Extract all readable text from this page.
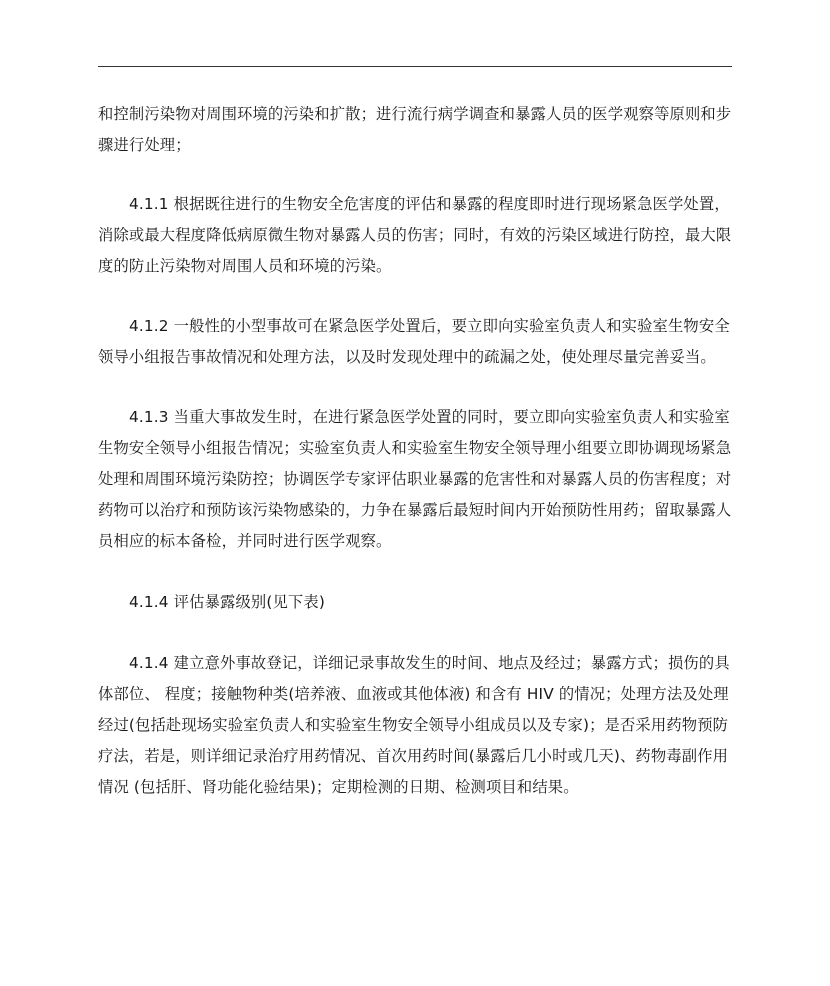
和控制污染物对周围环境的污染和扩散；进行流行病学调查和暴露人员的医学观察等原则和步骤进行处理；

4.1.1 根据既往进行的生物安全危害度的评估和暴露的程度即时进行现场紧急医学处置，消除或最大程度降低病原微生物对暴露人员的伤害；同时，有效的污染区域进行防控，最大限度的防止污染物对周围人员和环境的污染。

4.1.2 一般性的小型事故可在紧急医学处置后，要立即向实验室负责人和实验室生物安全领导小组报告事故情况和处理方法，以及时发现处理中的疏漏之处，使处理尽量完善妥当。

4.1.3 当重大事故发生时，在进行紧急医学处置的同时，要立即向实验室负责人和实验室生物安全领导小组报告情况；实验室负责人和实验室生物安全领导理小组要立即协调现场紧急处理和周围环境污染防控；协调医学专家评估职业暴露的危害性和对暴露人员的伤害程度；对药物可以治疗和预防该污染物感染的，力争在暴露后最短时间内开始预防性用药；留取暴露人员相应的标本备检，并同时进行医学观察。

4.1.4 评估暴露级别(见下表)

4.1.4 建立意外事故登记，详细记录事故发生的时间、地点及经过；暴露方式；损伤的具体部位、 程度；接触物种类(培养液、血液或其他体液) 和含有 HIV 的情况；处理方法及处理经过(包括赴现场实验室负责人和实验室生物安全领导小组成员以及专家)；是否采用药物预防疗法，若是，则详细记录治疗用药情况、首次用药时间(暴露后几小时或几天)、药物毒副作用情况 (包括肝、肾功能化验结果)；定期检测的日期、检测项目和结果。
